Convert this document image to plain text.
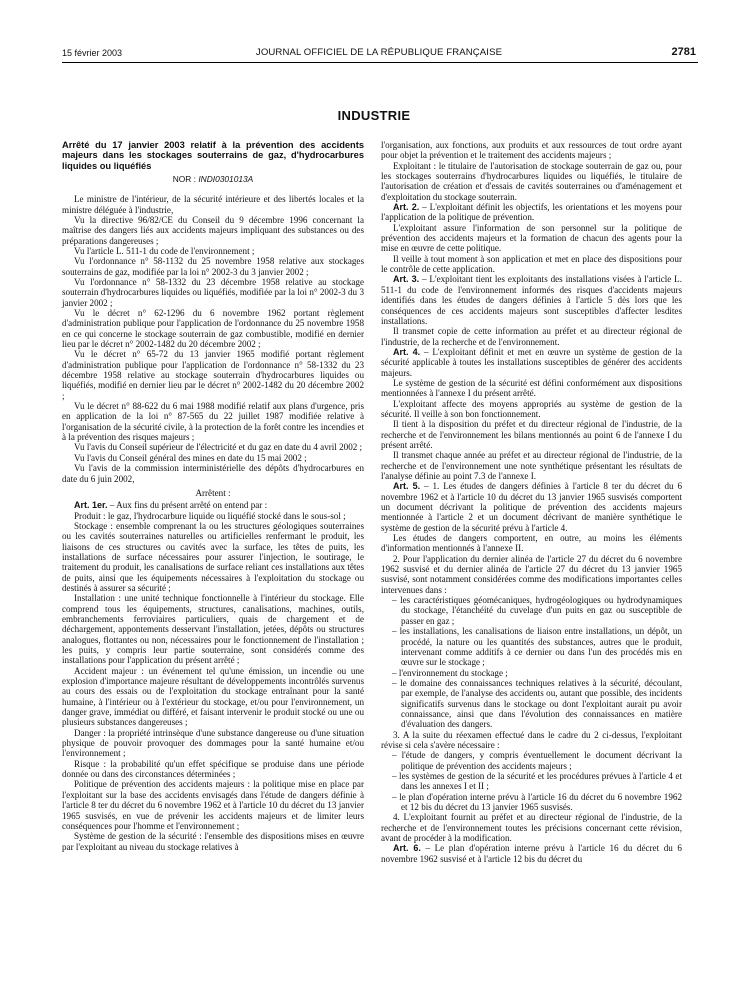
15 février 2003	JOURNAL OFFICIEL DE LA RÉPUBLIQUE FRANÇAISE	2781
INDUSTRIE
Arrêté du 17 janvier 2003 relatif à la prévention des accidents majeurs dans les stockages souterrains de gaz, d'hydrocarbures liquides ou liquéfiés
NOR : INDI0301013A

Le ministre de l'intérieur, de la sécurité intérieure et des libertés locales et la ministre déléguée à l'industrie,

Vu la directive 96/82/CE du Conseil du 9 décembre 1996 concernant la maîtrise des dangers liés aux accidents majeurs impliquant des substances ou des préparations dangereuses ;

Vu l'article L. 511-1 du code de l'environnement ;

Vu l'ordonnance n° 58-1132 du 25 novembre 1958 relative aux stockages souterrains de gaz, modifiée par la loi n° 2002-3 du 3 janvier 2002 ;

Vu l'ordonnance n° 58-1332 du 23 décembre 1958 relative au stockage souterrain d'hydrocarbures liquides ou liquéfiés, modifiée par la loi n° 2002-3 du 3 janvier 2002 ;

Vu le décret n° 62-1296 du 6 novembre 1962 portant règlement d'administration publique pour l'application de l'ordonnance du 25 novembre 1958 en ce qui concerne le stockage souterrain de gaz combustible, modifié en dernier lieu par le décret n° 2002-1482 du 20 décembre 2002 ;

Vu le décret n° 65-72 du 13 janvier 1965 modifié portant règlement d'administration publique pour l'application de l'ordonnance n° 58-1332 du 23 décembre 1958 relative au stockage souterrain d'hydrocarbures liquides ou liquéfiés, modifié en dernier lieu par le décret n° 2002-1482 du 20 décembre 2002 ;

Vu le décret n° 88-622 du 6 mai 1988 modifié relatif aux plans d'urgence, pris en application de la loi n° 87-565 du 22 juillet 1987 modifiée relative à l'organisation de la sécurité civile, à la protection de la forêt contre les incendies et à la prévention des risques majeurs ;

Vu l'avis du Conseil supérieur de l'électricité et du gaz en date du 4 avril 2002 ;

Vu l'avis du Conseil général des mines en date du 15 mai 2002 ;

Vu l'avis de la commission interministérielle des dépôts d'hydrocarbures en date du 6 juin 2002,

Arrêtent :

Art. 1er. – Aux fins du présent arrêté on entend par :

Produit : le gaz, l'hydrocarbure liquide ou liquéfié stocké dans le sous-sol ;

Stockage : ensemble comprenant la ou les structures géologiques souterraines ou les cavités souterraines naturelles ou artificielles renfermant le produit, les liaisons de ces structures ou cavités avec la surface, les têtes de puits, les installations de surface nécessaires pour assurer l'injection, le soutirage, le traitement du produit, les canalisations de surface reliant ces installations aux têtes de puits, ainsi que les équipements nécessaires à l'exploitation du stockage ou destinés à assurer sa sécurité ;

Installation : une unité technique fonctionnelle à l'intérieur du stockage. Elle comprend tous les équipements, structures, canalisations, machines, outils, embranchements ferroviaires particuliers, quais de chargement et de déchargement, appontements desservant l'installation, jetées, dépôts ou structures analogues, flottantes ou non, nécessaires pour le fonctionnement de l'installation ; les puits, y compris leur partie souterraine, sont considérés comme des installations pour l'application du présent arrêté ;

Accident majeur : un événement tel qu'une émission, un incendie ou une explosion d'importance majeure résultant de développements incontrôlés survenus au cours des essais ou de l'exploitation du stockage entraînant pour la santé humaine, à l'intérieur ou à l'extérieur du stockage, et/ou pour l'environnement, un danger grave, immédiat ou différé, et faisant intervenir le produit stocké ou une ou plusieurs substances dangereuses ;

Danger : la propriété intrinsèque d'une substance dangereuse ou d'une situation physique de pouvoir provoquer des dommages pour la santé humaine et/ou l'environnement ;

Risque : la probabilité qu'un effet spécifique se produise dans une période donnée ou dans des circonstances déterminées ;

Politique de prévention des accidents majeurs : la politique mise en place par l'exploitant sur la base des accidents envisagés dans l'étude de dangers définie à l'article 8 ter du décret du 6 novembre 1962 et à l'article 10 du décret du 13 janvier 1965 susvisés, en vue de prévenir les accidents majeurs et de limiter leurs conséquences pour l'homme et l'environnement ;

Système de gestion de la sécurité : l'ensemble des dispositions mises en œuvre par l'exploitant au niveau du stockage relatives à

l'organisation, aux fonctions, aux produits et aux ressources de tout ordre ayant pour objet la prévention et le traitement des accidents majeurs ;

Exploitant : le titulaire de l'autorisation de stockage souterrain de gaz ou, pour les stockages souterrains d'hydrocarbures liquides ou liquéfiés, le titulaire de l'autorisation de création et d'essais de cavités souterraines ou d'aménagement et d'exploitation du stockage souterrain.

Art. 2. – L'exploitant définit les objectifs, les orientations et les moyens pour l'application de la politique de prévention.

L'exploitant assure l'information de son personnel sur la politique de prévention des accidents majeurs et la formation de chacun des agents pour la mise en œuvre de cette politique.

Il veille à tout moment à son application et met en place des dispositions pour le contrôle de cette application.

Art. 3. – L'exploitant tient les exploitants des installations visées à l'article L. 511-1 du code de l'environnement informés des risques d'accidents majeurs identifiés dans les études de dangers définies à l'article 5 dès lors que les conséquences de ces accidents majeurs sont susceptibles d'affecter lesdites installations.

Il transmet copie de cette information au préfet et au directeur régional de l'industrie, de la recherche et de l'environnement.

Art. 4. – L'exploitant définit et met en œuvre un système de gestion de la sécurité applicable à toutes les installations susceptibles de générer des accidents majeurs.

Le système de gestion de la sécurité est défini conformément aux dispositions mentionnées à l'annexe I du présent arrêté.

L'exploitant affecte des moyens appropriés au système de gestion de la sécurité. Il veille à son bon fonctionnement.

Il tient à la disposition du préfet et du directeur régional de l'industrie, de la recherche et de l'environnement les bilans mentionnés au point 6 de l'annexe I du présent arrêté.

Il transmet chaque année au préfet et au directeur régional de l'industrie, de la recherche et de l'environnement une note synthétique présentant les résultats de l'analyse définie au point 7.3 de l'annexe I.

Art. 5. – 1. Les études de dangers définies à l'article 8 ter du décret du 6 novembre 1962 et à l'article 10 du décret du 13 janvier 1965 susvisés comportent un document décrivant la politique de prévention des accidents majeurs mentionnée à l'article 2 et un document décrivant de manière synthétique le système de gestion de la sécurité prévu à l'article 4.

Les études de dangers comportent, en outre, au moins les éléments d'information mentionnés à l'annexe II.

2. Pour l'application du dernier alinéa de l'article 27 du décret du 6 novembre 1962 susvisé et du dernier alinéa de l'article 27 du décret du 13 janvier 1965 susvisé, sont notamment considérées comme des modifications importantes celles intervenues dans :

– les caractéristiques géomécaniques, hydrogéologiques ou hydrodynamiques du stockage, l'étanchéité du cuvelage d'un puits en gaz ou susceptible de passer en gaz ;
– les installations, les canalisations de liaison entre installations, un dépôt, un procédé, la nature ou les quantités des substances, autres que le produit, intervenant comme additifs à ce dernier ou dans l'un des procédés mis en œuvre sur le stockage ;
– l'environnement du stockage ;
– le domaine des connaissances techniques relatives à la sécurité, découlant, par exemple, de l'analyse des accidents ou, autant que possible, des incidents significatifs survenus dans le stockage ou dont l'exploitant aurait pu avoir connaissance, ainsi que dans l'évolution des connaissances en matière d'évaluation des dangers.

3. A la suite du réexamen effectué dans le cadre du 2 ci-dessus, l'exploitant révise si cela s'avère nécessaire :

– l'étude de dangers, y compris éventuellement le document décrivant la politique de prévention des accidents majeurs ;
– les systèmes de gestion de la sécurité et les procédures prévues à l'article 4 et dans les annexes I et II ;
– le plan d'opération interne prévu à l'article 16 du décret du 6 novembre 1962 et 12 bis du décret du 13 janvier 1965 susvisés.

4. L'exploitant fournit au préfet et au directeur régional de l'industrie, de la recherche et de l'environnement toutes les précisions concernant cette révision, avant de procéder à la modification.

Art. 6. – Le plan d'opération interne prévu à l'article 16 du décret du 6 novembre 1962 susvisé et à l'article 12 bis du décret du
